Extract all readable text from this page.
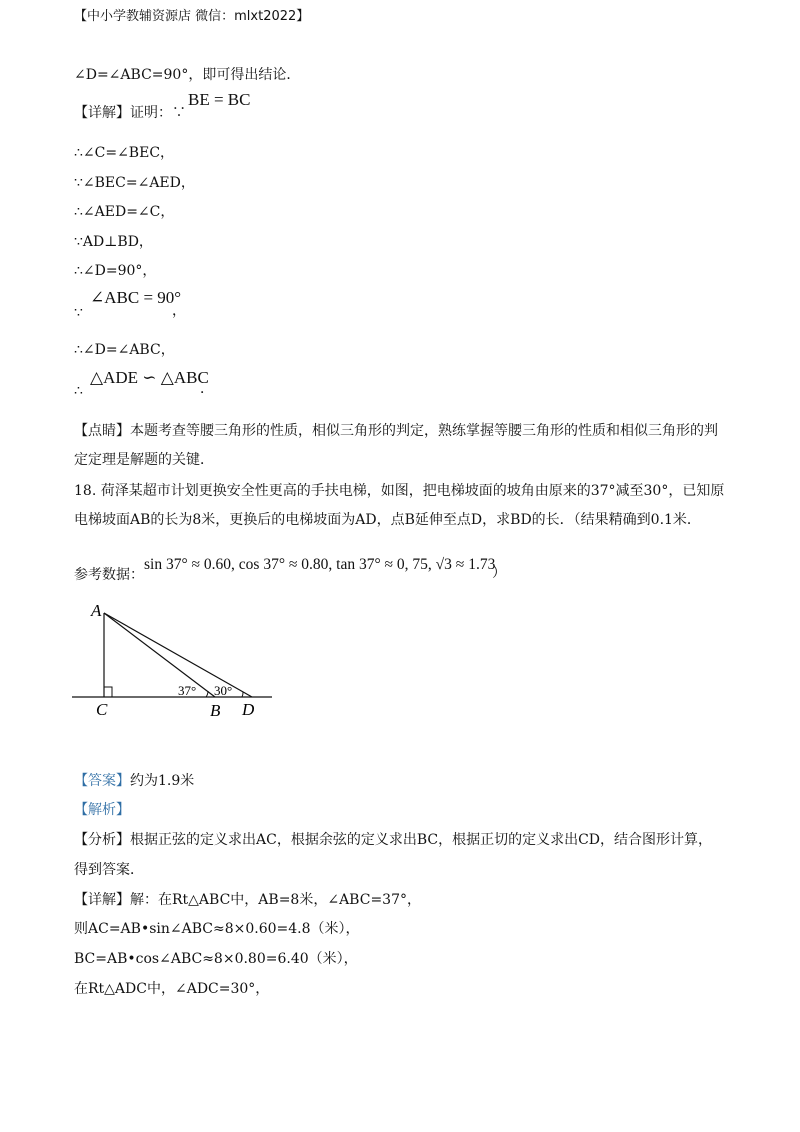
【中小学教辅资源店 微信：mlxt2022】
∠D=∠ABC=90°，即可得出结论．
【详解】证明：∵
BE = BC
∴∠C=∠BEC，
∵∠BEC=∠AED，
∴∠AED=∠C，
∵AD⊥BD，
∴∠D=90°，
∵
∠ABC = 90°
，
∴∠D=∠ABC，
∴
△ADE ∽ △ABC
．
【点睛】本题考查等腰三角形的性质，相似三角形的判定，熟练掌握等腰三角形的性质和相似三角形的判
定定理是解题的关键．
18. 荷泽某超市计划更换安全性更高的手扶电梯，如图，把电梯坡面的坡角由原来的37°减至30°，已知原
电梯坡面AB的长为8米，更换后的电梯坡面为AD，点B延伸至点D，求BD的长．（结果精确到0.1米．
参考数据：
sin 37° ≈ 0.60, cos 37° ≈ 0.80, tan 37° ≈ 0, 75, √3 ≈ 1.73
）
A
C	B D
37° 30°
【答案】 约为1.9米
【解析】
【分析】根据正弦的定义求出AC，根据余弦的定义求出BC，根据正切的定义求出CD，结合图形计算，
得到答案．
【详解】解：在Rt△ABC中，AB=8米，∠ABC=37°，
则AC=AB•sin∠ABC≈8×0.60=4.8（米），
BC=AB•cos∠ABC≈8×0.80=6.40（米），
在Rt△ADC中，∠ADC=30°，
